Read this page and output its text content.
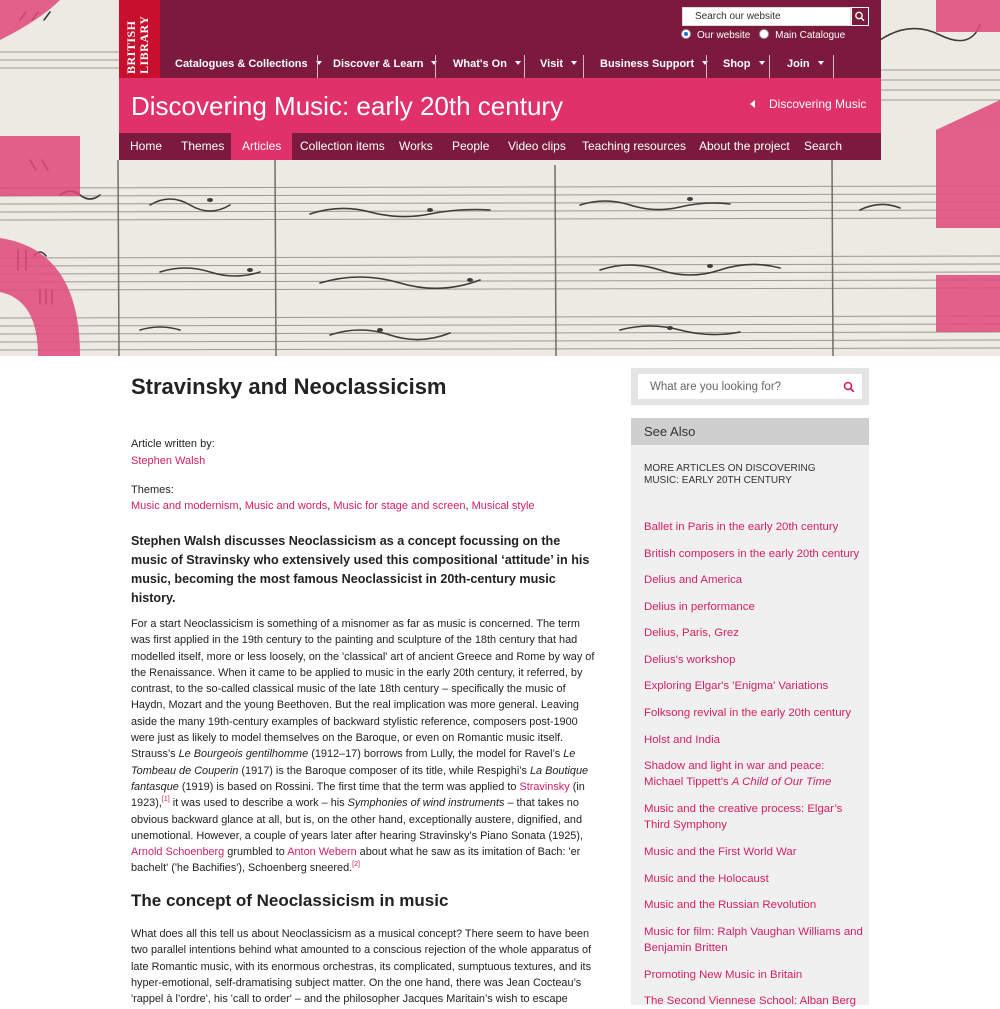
BRITISH LIBRARY
Search our website	Our website Main Catalogue
Catalogues & Collections	Discover & Learn	What's On	Visit	Business Support	Shop	Join
Discovering Music: early 20th century	Discovering Music
Home	Themes	Articles	Collection items	Works	People	Video clips	Teaching resources	About the project	Search
Stravinsky and Neoclassicism
Article written by:
Stephen Walsh
Themes:
Music and modernism, Music and words, Music for stage and screen, Musical style

Stephen Walsh discusses Neoclassicism as a concept focussing on the music of Stravinsky who extensively used this compositional ‘attitude’ in his music, becoming the most famous Neoclassicist in 20th-century music history.

For a start Neoclassicism is something of a misnomer as far as music is concerned. The term was first applied in the 19th century to the painting and sculpture of the 18th century that had modelled itself, more or less loosely, on the 'classical' art of ancient Greece and Rome by way of the Renaissance. When it came to be applied to music in the early 20th century, it referred, by contrast, to the so-called classical music of the late 18th century – specifically the music of Haydn, Mozart and the young Beethoven. But the real implication was more general. Leaving aside the many 19th-century examples of backward stylistic reference, composers post-1900 were just as likely to model themselves on the Baroque, or even on Romantic music itself. Strauss’s Le Bourgeois gentilhomme (1912–17) borrows from Lully, the model for Ravel’s Le Tombeau de Couperin (1917) is the Baroque composer of its title, while Respighi’s La Boutique fantasque (1919) is based on Rossini. The first time that the term was applied to Stravinsky (in 1923),[1] it was used to describe a work – his Symphonies of wind instruments – that takes no obvious backward glance at all, but is, on the other hand, exceptionally austere, dignified, and unemotional. However, a couple of years later after hearing Stravinsky’s Piano Sonata (1925), Arnold Schoenberg grumbled to Anton Webern about what he saw as its imitation of Bach: 'er bachelt' ('he Bachifies'), Schoenberg sneered.[2]

The concept of Neoclassicism in music

What does all this tell us about Neoclassicism as a musical concept? There seem to have been two parallel intentions behind what amounted to a conscious rejection of the whole apparatus of late Romantic music, with its enormous orchestras, its complicated, sumptuous textures, and its hyper-emotional, self-dramatising subject matter. On the one hand, there was Jean Cocteau’s 'rappel à l’ordre', his 'call to order' – and the philosopher Jacques Maritain’s wish to escape

What are you looking for?
See Also
MORE ARTICLES ON DISCOVERING MUSIC: EARLY 20TH CENTURY
Ballet in Paris in the early 20th century
British composers in the early 20th century
Delius and America
Delius in performance
Delius, Paris, Grez
Delius's workshop
Exploring Elgar's 'Enigma' Variations
Folksong revival in the early 20th century
Holst and India
Shadow and light in war and peace: Michael Tippett’s A Child of Our Time
Music and the creative process: Elgar’s Third Symphony
Music and the First World War
Music and the Holocaust
Music and the Russian Revolution
Music for film: Ralph Vaughan Williams and Benjamin Britten
Promoting New Music in Britain
The Second Viennese School: Alban Berg
